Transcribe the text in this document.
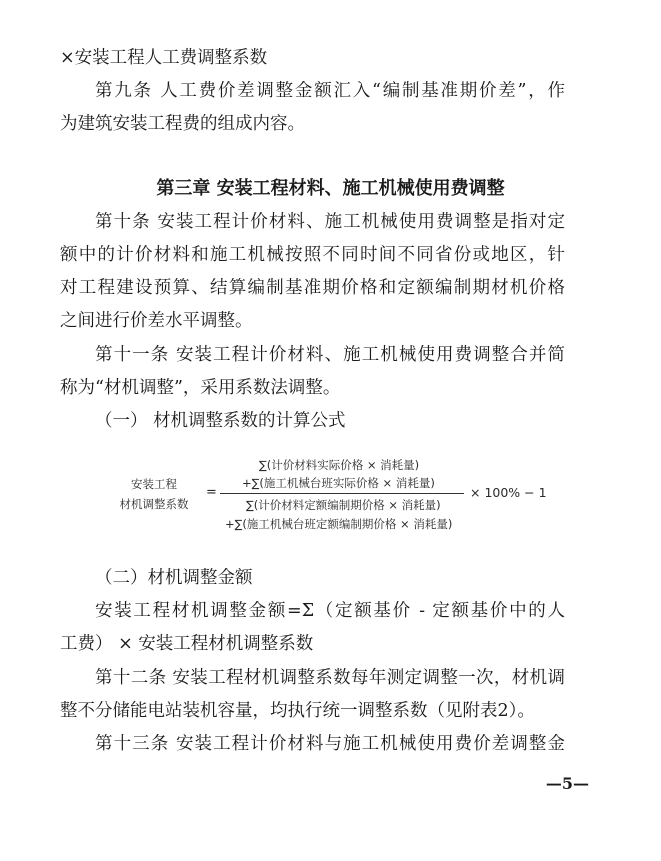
×安装工程人工费调整系数
第九条 人工费价差调整金额汇入“编制基准期价差”，作
为建筑安装工程费的组成内容。
第三章 安装工程材料、施工机械使用费调整
第十条 安装工程计价材料、施工机械使用费调整是指对定
额中的计价材料和施工机械按照不同时间不同省份或地区，针
对工程建设预算、结算编制基准期价格和定额编制期材机价格
之间进行价差水平调整。
第十一条 安装工程计价材料、施工机械使用费调整合并简
称为“材机调整”，采用系数法调整。
（一） 材机调整系数的计算公式
安装工程
材机调整系数
=
∑(计价材料实际价格 × 消耗量)
+∑(施工机械台班实际价格 × 消耗量)
∑(计价材料定额编制期价格 × 消耗量)
+∑(施工机械台班定额编制期价格 × 消耗量)
× 100% − 1
（二）材机调整金额
安装工程材机调整金额=Σ（定额基价 - 定额基价中的人
工费） × 安装工程材机调整系数
第十二条 安装工程材机调整系数每年测定调整一次，材机调
整不分储能电站装机容量，均执行统一调整系数（见附表2）。
第十三条 安装工程计价材料与施工机械使用费价差调整金
—5—
